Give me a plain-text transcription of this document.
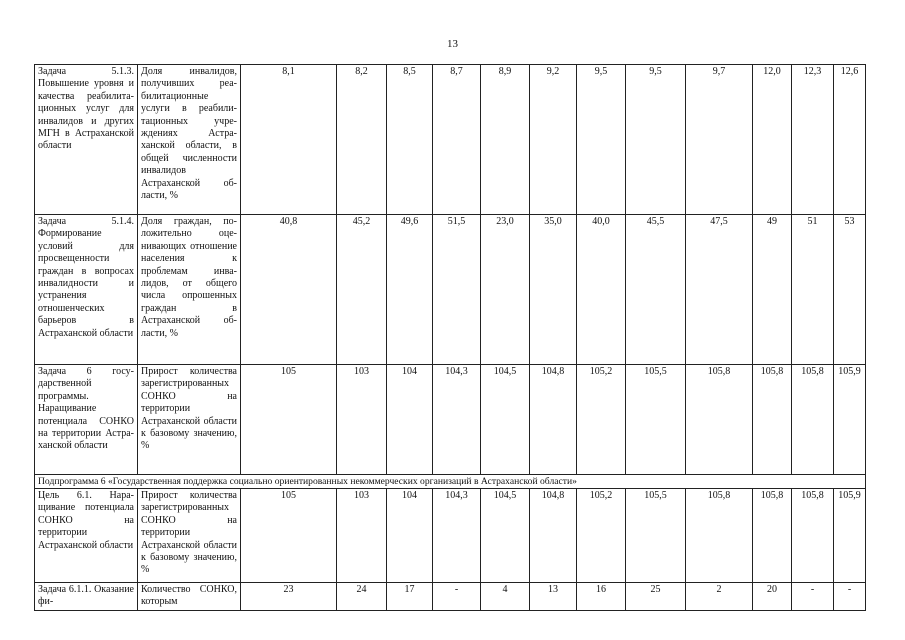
13
Задача 5.1.3. Повышение уровня и качества реабилитационных услуг для инвалидов и других МГН в Астраханской области	Доля инвалидов, получивших реабилитационные услуги в реабилитационных учреждениях Астраханской области, в общей численности инвалидов Астраханской области, %	8,1	8,2	8,5	8,7	8,9	9,2	9,5	9,5	9,7	12,0	12,3	12,6
Задача 5.1.4. Формирование условий для просвещенности граждан в вопросах инвалидности и устранения отношенческих барьеров в Астраханской области	Доля граждан, положительно оценивающих отношение населения к проблемам инвалидов, от общего числа опрошенных граждан в Астраханской области, %	40,8	45,2	49,6	51,5	23,0	35,0	40,0	45,5	47,5	49	51	53
Задача 6 государственной программы. Наращивание потенциала СОНКО на территории Астраханской области	Прирост количества зарегистрированных СОНКО на территории Астраханской области к базовому значению, %	105	103	104	104,3	104,5	104,8	105,2	105,5	105,8	105,8	105,8	105,9
Подпрограмма 6 «Государственная поддержка социально ориентированных некоммерческих организаций в Астраханской области»													
Цель 6.1. Наращивание потенциала СОНКО на территории Астраханской области	Прирост количества зарегистрированных СОНКО на территории Астраханской области к базовому значению, %	105	103	104	104,3	104,5	104,8	105,2	105,5	105,8	105,8	105,8	105,9
Задача 6.1.1. Оказание фи-	Количество СОНКО, которым	23	24	17	-	4	13	16	25	2	20	-	-
